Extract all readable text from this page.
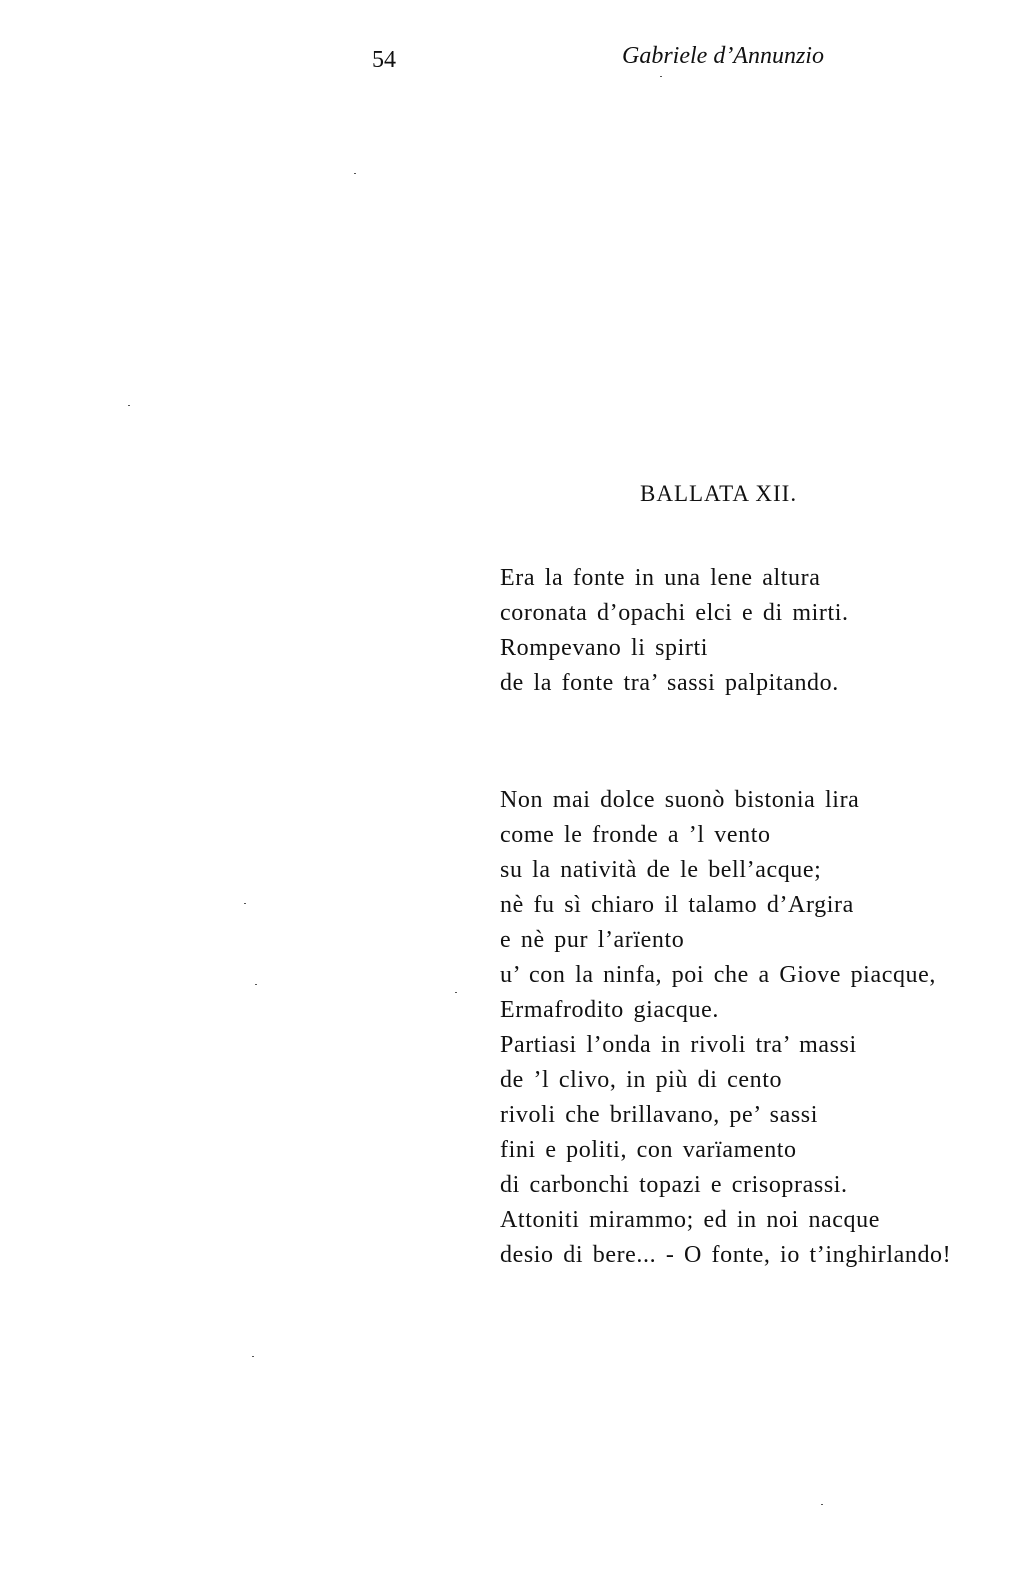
54	Gabriele d’Annunzio
BALLATA XII.
Era la fonte in una lene altura
coronata d’opachi elci e di mirti.
Rompevano li spirti
de la fonte tra’ sassi palpitando.
Non mai dolce suonò bistonia lira
come le fronde a ’l vento
su la natività de le bell’acque;
nè fu sì chiaro il talamo d’Argira
e nè pur l’arïento
u’ con la ninfa, poi che a Giove piacque,
Ermafrodito giacque.
Partiasi l’onda in rivoli tra’ massi
de ’l clivo, in più di cento
rivoli che brillavano, pe’ sassi
fini e politi, con varïamento
di carbonchi topazi e crisoprassi.
Attoniti mirammo; ed in noi nacque
desio di bere... - O fonte, io t’inghirlando!
